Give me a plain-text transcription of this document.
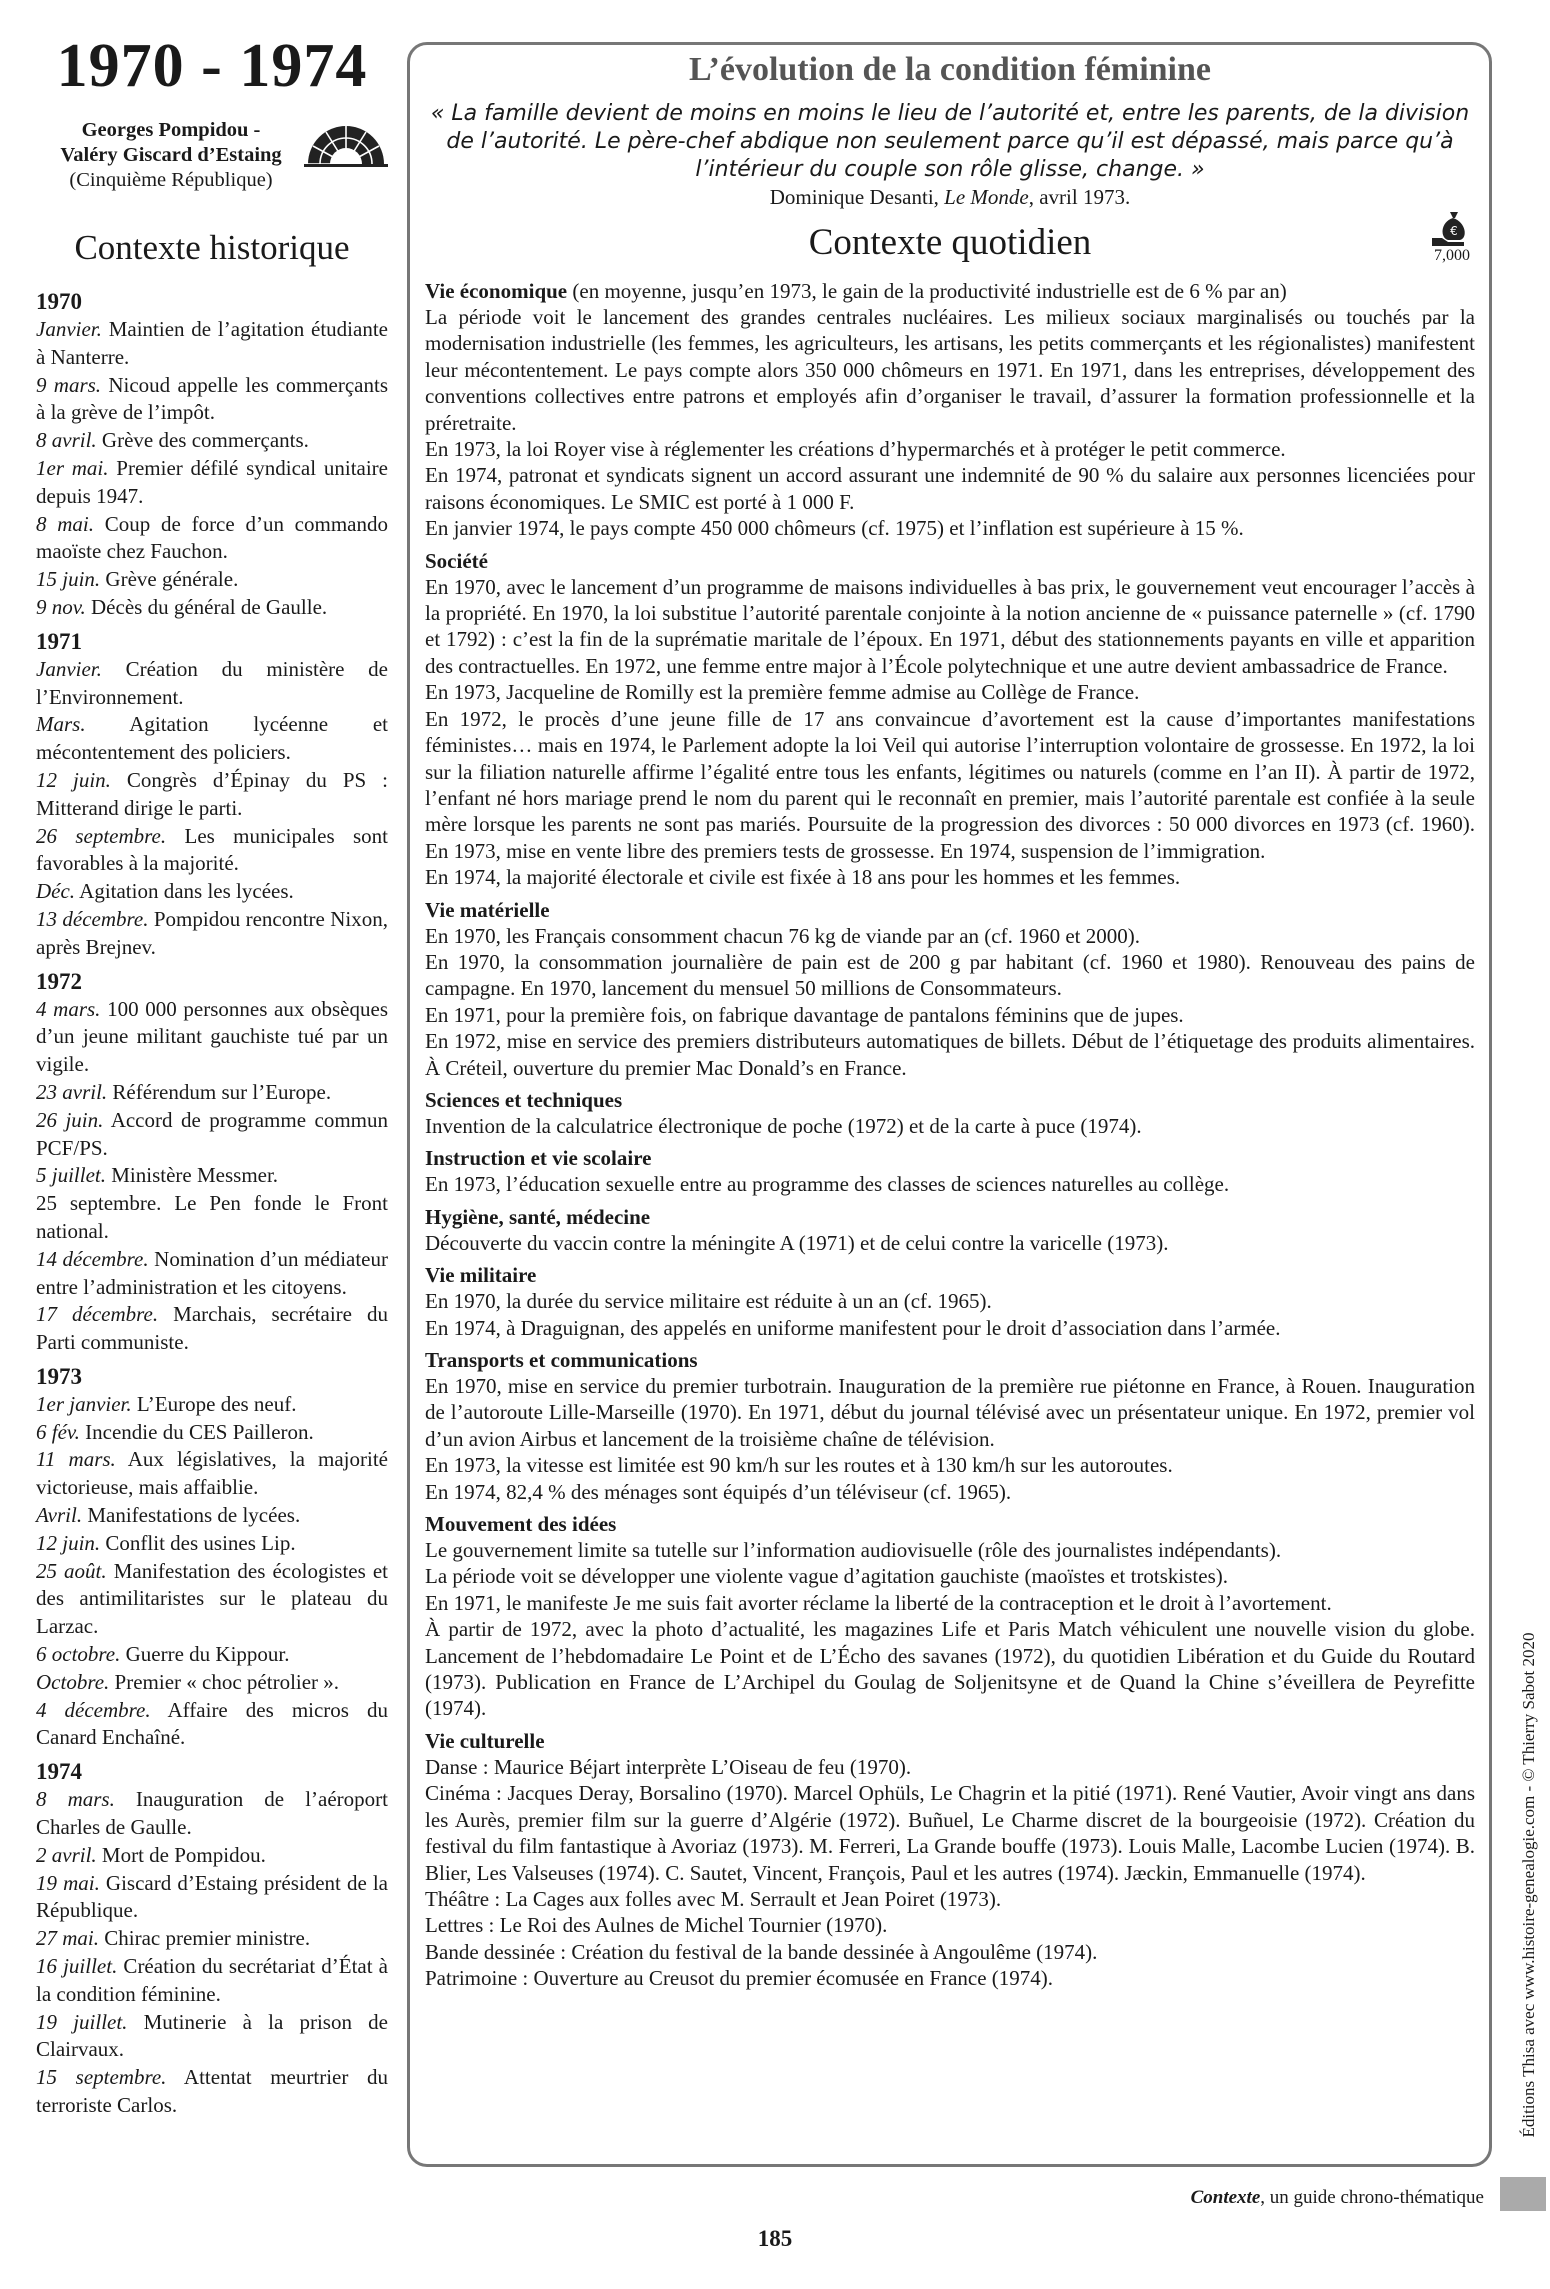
1970 - 1974
Georges Pompidou -
Valéry Giscard d’Estaing
(Cinquième République)
Contexte historique
1970
Janvier. Maintien de l’agitation étudiante à Nanterre.
9 mars. Nicoud appelle les commerçants à la grève de l’impôt.
8 avril. Grève des commerçants.
1er mai. Premier défilé syndical unitaire depuis 1947.
8 mai. Coup de force d’un commando maoïste chez Fauchon.
15 juin. Grève générale.
9 nov. Décès du général de Gaulle.
1971
Janvier. Création du ministère de l’Environnement.
Mars. Agitation lycéenne et mécontentement des policiers.
12 juin. Congrès d’Épinay du PS : Mitterand dirige le parti.
26 septembre. Les municipales sont favorables à la majorité.
Déc. Agitation dans les lycées.
13 décembre. Pompidou rencontre Nixon, après Brejnev.
1972
4 mars. 100 000 personnes aux obsèques d’un jeune militant gauchiste tué par un vigile.
23 avril. Référendum sur l’Europe.
26 juin. Accord de programme commun PCF/PS.
5 juillet. Ministère Messmer.
25 septembre. Le Pen fonde le Front national.
14 décembre. Nomination d’un médiateur entre l’administration et les citoyens.
17 décembre. Marchais, secrétaire du Parti communiste.
1973
1er janvier. L’Europe des neuf.
6 fév. Incendie du CES Pailleron.
11 mars. Aux législatives, la majorité victorieuse, mais affaiblie.
Avril. Manifestations de lycées.
12 juin. Conflit des usines Lip.
25 août. Manifestation des écologistes et des antimilitaristes sur le plateau du Larzac.
6 octobre. Guerre du Kippour.
Octobre. Premier « choc pétrolier ».
4 décembre. Affaire des micros du Canard Enchaîné.
1974
8 mars. Inauguration de l’aéroport Charles de Gaulle.
2 avril. Mort de Pompidou.
19 mai. Giscard d’Estaing président de la République.
27 mai. Chirac premier ministre.
16 juillet. Création du secrétariat d’État à la condition féminine.
19 juillet. Mutinerie à la prison de Clairvaux.
15 septembre. Attentat meurtrier du terroriste Carlos.
L’évolution de la condition féminine
« La famille devient de moins en moins le lieu de l’autorité et, entre les parents, de la division de l’autorité. Le père-chef abdique non seulement parce qu’il est dépassé, mais parce qu’à l’intérieur du couple son rôle glisse, change. »
Dominique Desanti, Le Monde, avril 1973.
Contexte quotidien	€
7,000
Vie économique (en moyenne, jusqu’en 1973, le gain de la productivité industrielle est de 6 % par an)
La période voit le lancement des grandes centrales nucléaires. Les milieux sociaux marginalisés ou touchés par la modernisation industrielle (les femmes, les agriculteurs, les artisans, les petits commerçants et les régionalistes) manifestent leur mécontentement. Le pays compte alors 350 000 chômeurs en 1971. En 1971, dans les entreprises, développement des conventions collectives entre patrons et employés afin d’organiser le travail, d’assurer la formation professionnelle et la préretraite.
En 1973, la loi Royer vise à réglementer les créations d’hypermarchés et à protéger le petit commerce.
En 1974, patronat et syndicats signent un accord assurant une indemnité de 90 % du salaire aux personnes licenciées pour raisons économiques. Le SMIC est porté à 1 000 F.
En janvier 1974, le pays compte 450 000 chômeurs (cf. 1975) et l’inflation est supérieure à 15 %.
Société
En 1970, avec le lancement d’un programme de maisons individuelles à bas prix, le gouvernement veut encourager l’accès à la propriété. En 1970, la loi substitue l’autorité parentale conjointe à la notion ancienne de « puissance paternelle » (cf. 1790 et 1792) : c’est la fin de la suprématie maritale de l’époux. En 1971, début des stationnements payants en ville et apparition des contractuelles. En 1972, une femme entre major à l’École polytechnique et une autre devient ambassadrice de France.
En 1973, Jacqueline de Romilly est la première femme admise au Collège de France.
En 1972, le procès d’une jeune fille de 17 ans convaincue d’avortement est la cause d’importantes manifestations féministes… mais en 1974, le Parlement adopte la loi Veil qui autorise l’interruption volontaire de grossesse. En 1972, la loi sur la filiation naturelle affirme l’égalité entre tous les enfants, légitimes ou naturels (comme en l’an II). À partir de 1972, l’enfant né hors mariage prend le nom du parent qui le reconnaît en premier, mais l’autorité parentale est confiée à la seule mère lorsque les parents ne sont pas mariés. Poursuite de la progression des divorces : 50 000 divorces en 1973 (cf. 1960). En 1973, mise en vente libre des premiers tests de grossesse. En 1974, suspension de l’immigration.
En 1974, la majorité électorale et civile est fixée à 18 ans pour les hommes et les femmes.
Vie matérielle
En 1970, les Français consomment chacun 76 kg de viande par an (cf. 1960 et 2000).
En 1970, la consommation journalière de pain est de 200 g par habitant (cf. 1960 et 1980). Renouveau des pains de campagne. En 1970, lancement du mensuel 50 millions de Consommateurs.
En 1971, pour la première fois, on fabrique davantage de pantalons féminins que de jupes.
En 1972, mise en service des premiers distributeurs automatiques de billets. Début de l’étiquetage des produits alimentaires. À Créteil, ouverture du premier Mac Donald’s en France.
Sciences et techniques
Invention de la calculatrice électronique de poche (1972) et de la carte à puce (1974).
Instruction et vie scolaire
En 1973, l’éducation sexuelle entre au programme des classes de sciences naturelles au collège.
Hygiène, santé, médecine
Découverte du vaccin contre la méningite A (1971) et de celui contre la varicelle (1973).
Vie militaire
En 1970, la durée du service militaire est réduite à un an (cf. 1965).
En 1974, à Draguignan, des appelés en uniforme manifestent pour le droit d’association dans l’armée.
Transports et communications
En 1970, mise en service du premier turbotrain. Inauguration de la première rue piétonne en France, à Rouen. Inauguration de l’autoroute Lille-Marseille (1970). En 1971, début du journal télévisé avec un présentateur unique. En 1972, premier vol d’un avion Airbus et lancement de la troisième chaîne de télévision.
En 1973, la vitesse est limitée est 90 km/h sur les routes et à 130 km/h sur les autoroutes.
En 1974, 82,4 % des ménages sont équipés d’un téléviseur (cf. 1965).
Mouvement des idées
Le gouvernement limite sa tutelle sur l’information audiovisuelle (rôle des journalistes indépendants).
La période voit se développer une violente vague d’agitation gauchiste (maoïstes et trotskistes).
En 1971, le manifeste Je me suis fait avorter réclame la liberté de la contraception et le droit à l’avortement.
À partir de 1972, avec la photo d’actualité, les magazines Life et Paris Match véhiculent une nouvelle vision du globe. Lancement de l’hebdomadaire Le Point et de L’Écho des savanes (1972), du quotidien Libération et du Guide du Routard (1973). Publication en France de L’Archipel du Goulag de Soljenitsyne et de Quand la Chine s’éveillera de Peyrefitte (1974).
Vie culturelle
Danse : Maurice Béjart interprète L’Oiseau de feu (1970).
Cinéma : Jacques Deray, Borsalino (1970). Marcel Ophüls, Le Chagrin et la pitié (1971). René Vautier, Avoir vingt ans dans les Aurès, premier film sur la guerre d’Algérie (1972). Buñuel, Le Charme discret de la bourgeoisie (1972). Création du festival du film fantastique à Avoriaz (1973). M. Ferreri, La Grande bouffe (1973). Louis Malle, Lacombe Lucien (1974). B. Blier, Les Valseuses (1974). C. Sautet, Vincent, François, Paul et les autres (1974). Jæckin, Emmanuelle (1974).
Théâtre : La Cages aux folles avec M. Serrault et Jean Poiret (1973).
Lettres : Le Roi des Aulnes de Michel Tournier (1970).
Bande dessinée : Création du festival de la bande dessinée à Angoulême (1974).
Patrimoine : Ouverture au Creusot du premier écomusée en France (1974).	Éditions Thisa avec www.histoire-genealogie.com - © Thierry Sabot 2020
Contexte, un guide chrono-thématique
185
